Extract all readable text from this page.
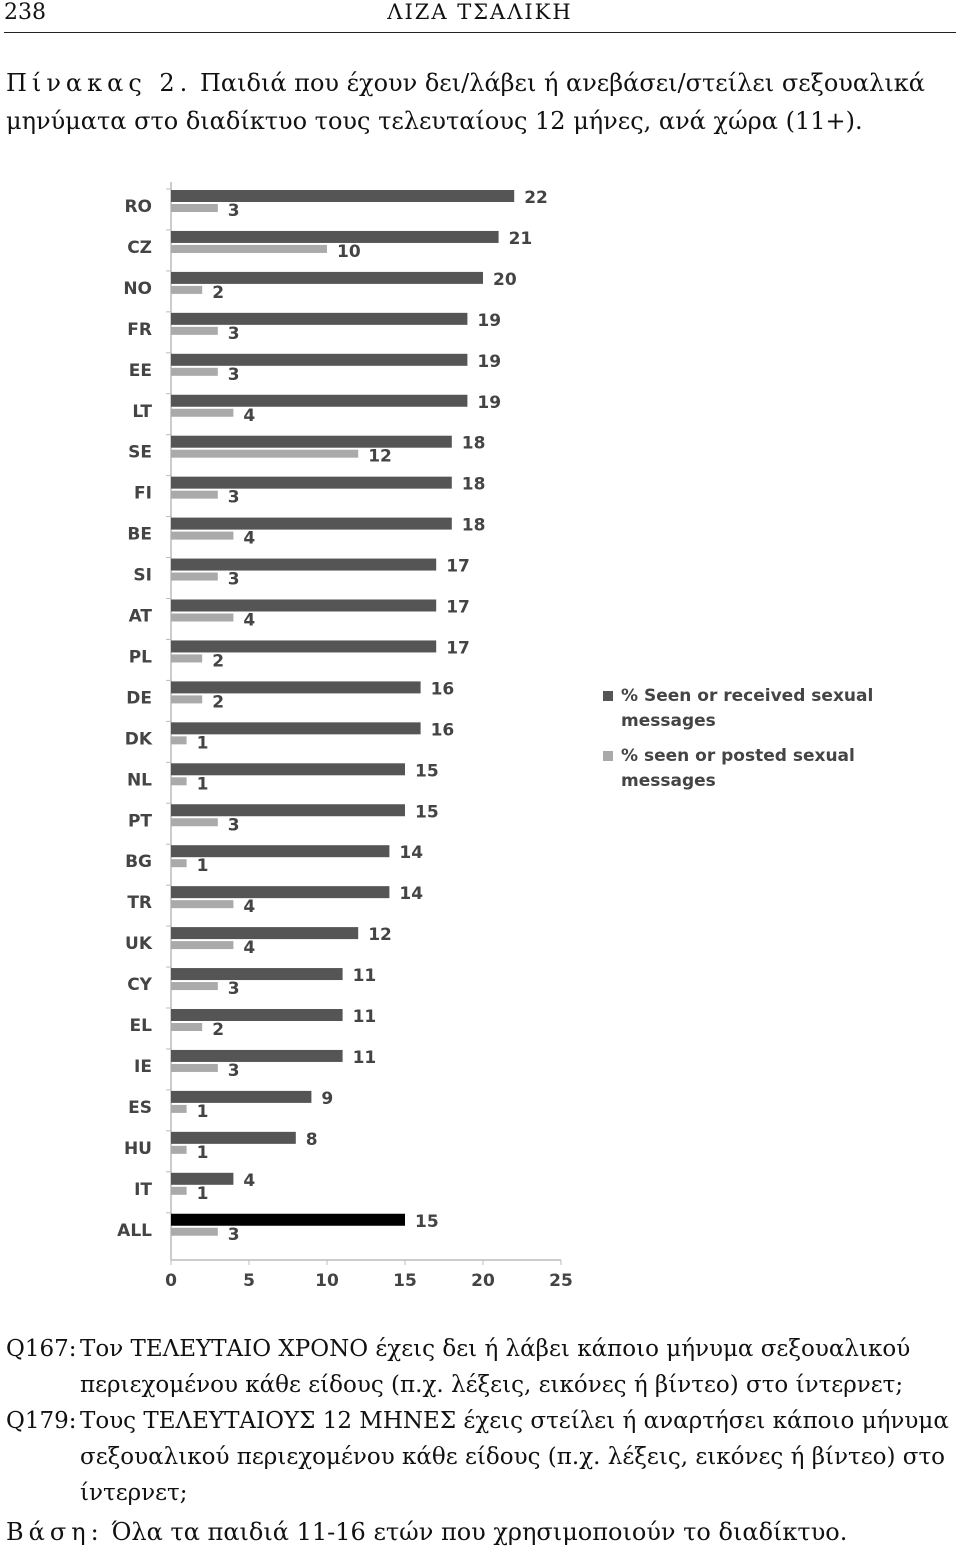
238	ΛΙΖΑ ΤΣΑΛΙΚΗ
Πίνακας 2. Παιδιά που έχουν δει/λάβει ή ανεβάσει/στείλει σεξουαλικά
μηνύματα στο διαδίκτυο τους τελευταίους 12 μήνες, ανά χώρα (11+).
RO	22
3
CZ	21
10
NO	20
2
FR	19
3
EE	19
3
LT	19
4
SE	18
12
FI	18
3
BE	18
4
SI	17
3
AT	17
4
PL	17
2
DE	16
2
DK	16
1
NL	15
1
PT	15
3
BG	14
1
TR	14
4
UK	12
4
CY	11
3
EL	11
2
IE	11
3
ES	9
1
HU	8
1
IT	4
1
ALL	15
3
0	5	10	15	20	25
% Seen or received sexual
messages
% seen or posted sexual
messages
Q167: Τον ΤΕΛΕΥΤΑΙΟ ΧΡΟΝΟ έχεις δει ή λάβει κάποιο μήνυμα σεξουαλικού περιεχομένου κάθε είδους (π.χ. λέξεις, εικόνες ή βίντεο) στο ίντερνετ;
Q179: Τους ΤΕΛΕΥΤΑΙΟΥΣ 12 ΜΗΝΕΣ έχεις στείλει ή αναρτήσει κάποιο μήνυμα σεξουαλικού περιεχομένου κάθε είδους (π.χ. λέξεις, εικόνες ή βίντεο) στο ίντερνετ;
Βάση: Όλα τα παιδιά 11-16 ετών που χρησιμοποιούν το διαδίκτυο.
